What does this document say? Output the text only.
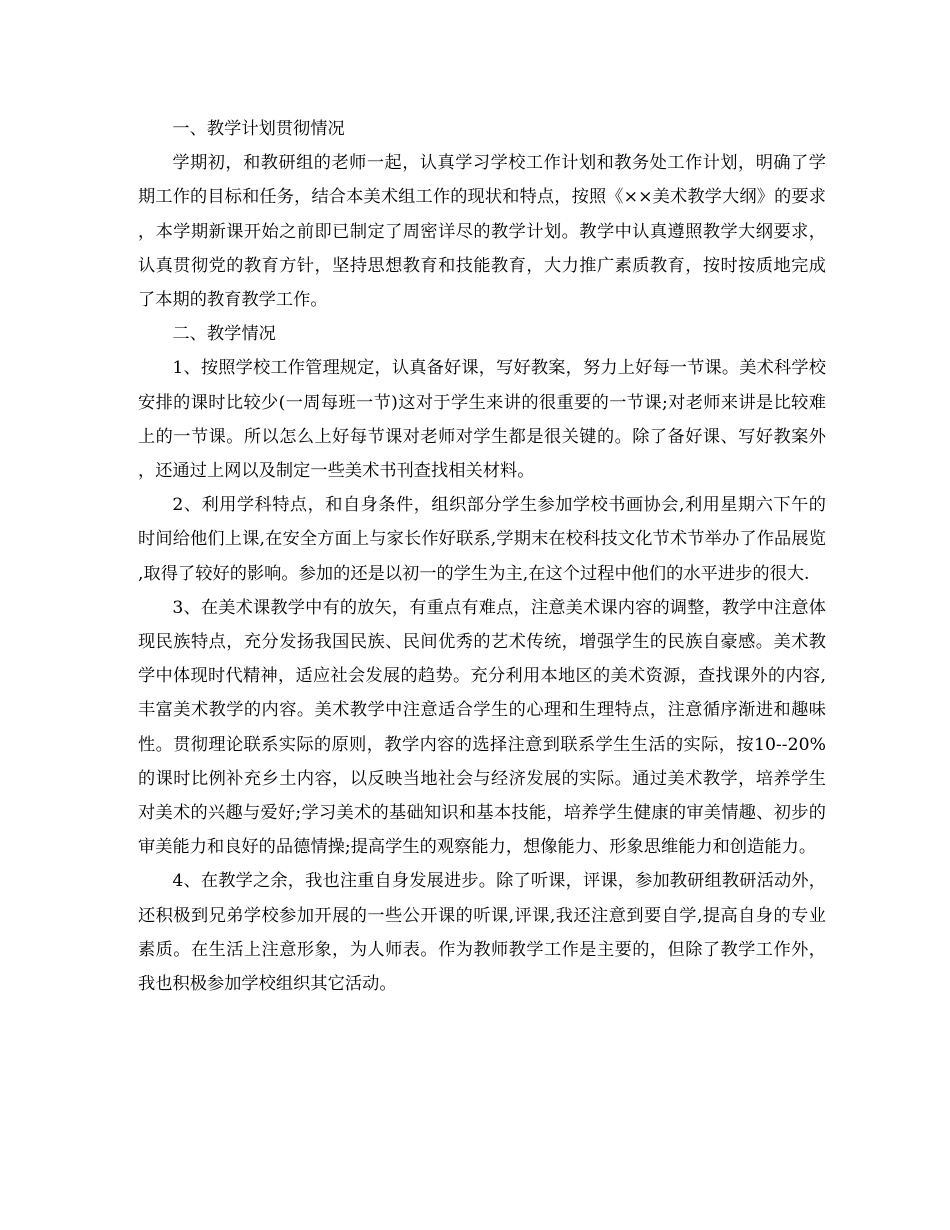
一、教学计划贯彻情况

学期初，和教研组的老师一起，认真学习学校工作计划和教务处工作计划，明确了学期工作的目标和任务，结合本美术组工作的现状和特点，按照《××美术教学大纲》的要求，本学期新课开始之前即已制定了周密详尽的教学计划。教学中认真遵照教学大纲要求，认真贯彻党的教育方针，坚持思想教育和技能教育，大力推广素质教育，按时按质地完成了本期的教育教学工作。

二、教学情况

1、按照学校工作管理规定，认真备好课，写好教案，努力上好每一节课。美术科学校安排的课时比较少(一周每班一节)这对于学生来讲的很重要的一节课;对老师来讲是比较难上的一节课。所以怎么上好每节课对老师对学生都是很关键的。除了备好课、写好教案外，还通过上网以及制定一些美术书刊查找相关材料。

2、利用学科特点，和自身条件，组织部分学生参加学校书画协会,利用星期六下午的时间给他们上课,在安全方面上与家长作好联系,学期末在校科技文化节术节举办了作品展览,取得了较好的影响。参加的还是以初一的学生为主,在这个过程中他们的水平进步的很大.

3、在美术课教学中有的放矢，有重点有难点，注意美术课内容的调整，教学中注意体现民族特点，充分发扬我国民族、民间优秀的艺术传统，增强学生的民族自豪感。美术教学中体现时代精神，适应社会发展的趋势。充分利用本地区的美术资源，查找课外的内容,丰富美术教学的内容。美术教学中注意适合学生的心理和生理特点，注意循序渐进和趣味性。贯彻理论联系实际的原则，教学内容的选择注意到联系学生生活的实际，按10--20%的课时比例补充乡土内容，以反映当地社会与经济发展的实际。通过美术教学，培养学生对美术的兴趣与爱好;学习美术的基础知识和基本技能，培养学生健康的审美情趣、初步的审美能力和良好的品德情操;提高学生的观察能力，想像能力、形象思维能力和创造能力。

4、在教学之余，我也注重自身发展进步。除了听课，评课，参加教研组教研活动外，还积极到兄弟学校参加开展的一些公开课的听课,评课,我还注意到要自学,提高自身的专业素质。在生活上注意形象，为人师表。作为教师教学工作是主要的，但除了教学工作外，我也积极参加学校组织其它活动。
